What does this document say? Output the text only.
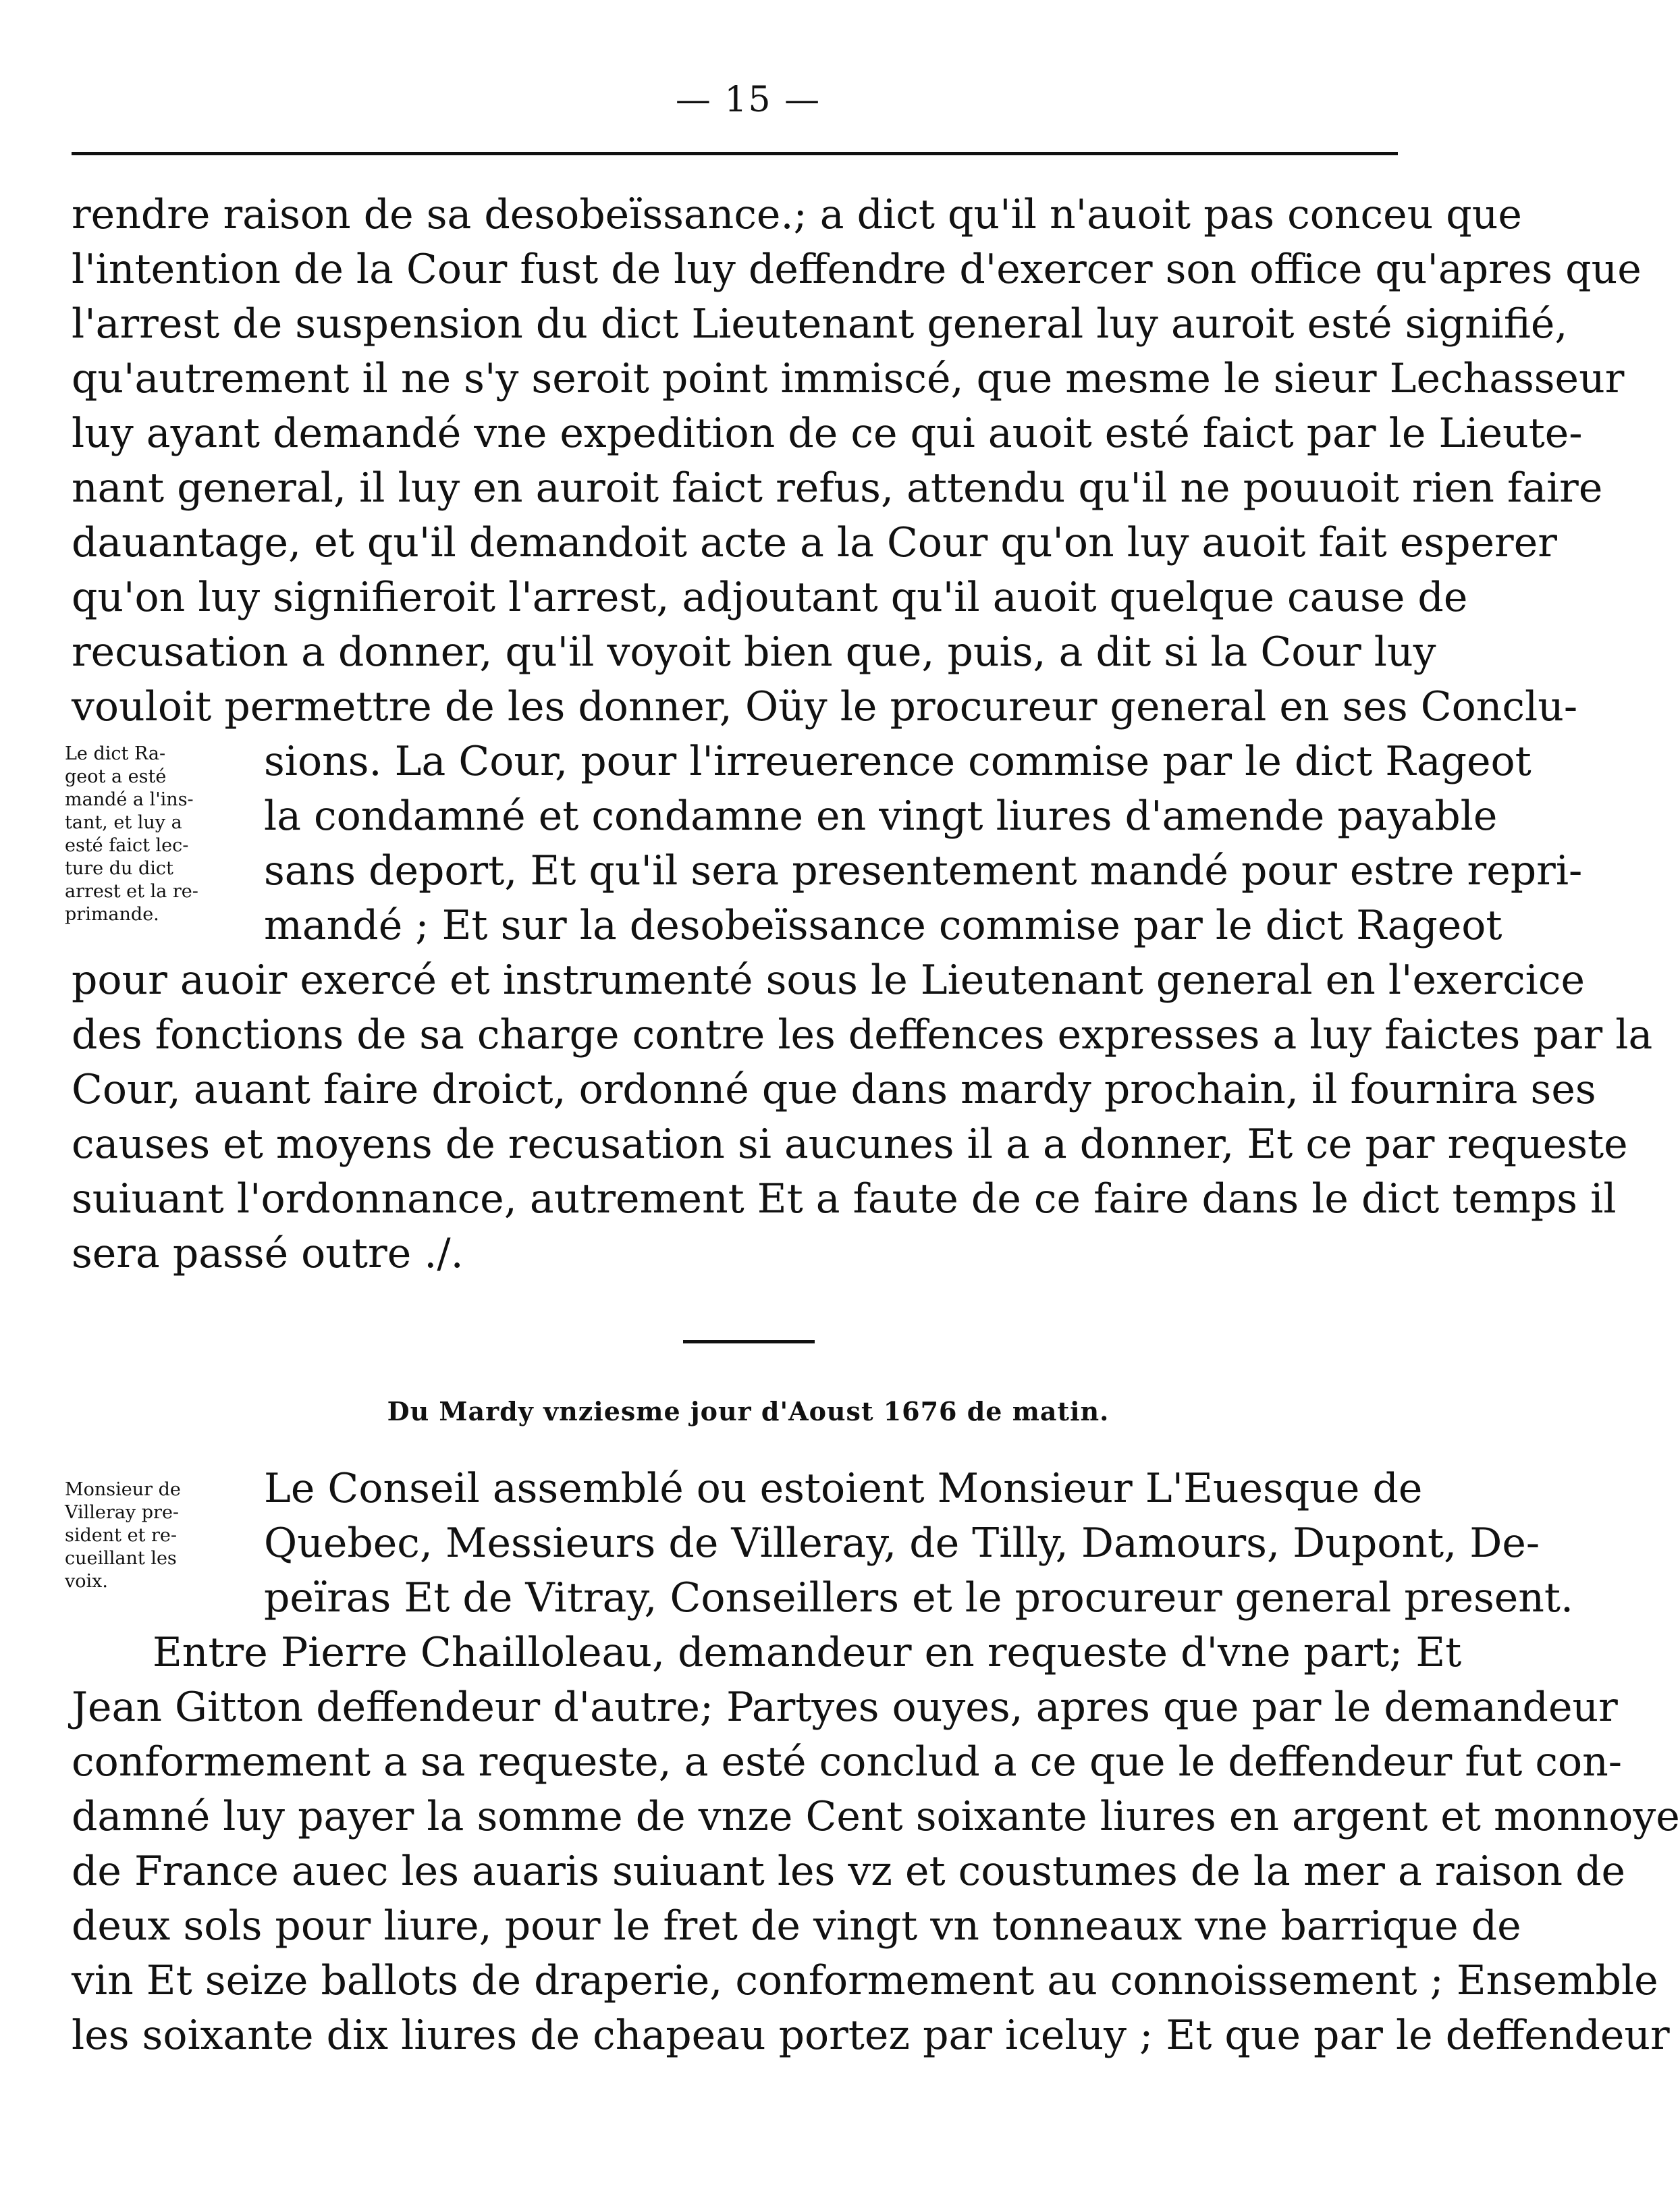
— 15 —
rendre raison de sa desobeïssance.; a dict qu'il n'auoit pas conceu que
l'intention de la Cour fust de luy deffendre d'exercer son office qu'apres que
l'arrest de suspension du dict Lieutenant general luy auroit esté signifié,
qu'autrement il ne s'y seroit point immiscé, que mesme le sieur Lechasseur
luy ayant demandé vne expedition de ce qui auoit esté faict par le Lieute-
nant general, il luy en auroit faict refus, attendu qu'il ne pouuoit rien faire
dauantage, et qu'il demandoit acte a la Cour qu'on luy auoit fait esperer
qu'on luy signifieroit l'arrest, adjoutant qu'il auoit quelque cause de
recusation a donner, qu'il voyoit bien que, puis, a dit si la Cour luy
vouloit permettre de les donner, Oüy le procureur general en ses Conclu-
sions. La Cour, pour l'irreuerence commise par le dict Rageot
la condamné et condamne en vingt liures d'amende payable
sans deport, Et qu'il sera presentement mandé pour estre repri-
mandé ; Et sur la desobeïssance commise par le dict Rageot
pour auoir exercé et instrumenté sous le Lieutenant general en l'exercice
des fonctions de sa charge contre les deffences expresses a luy faictes par la
Cour, auant faire droict, ordonné que dans mardy prochain, il fournira ses
causes et moyens de recusation si aucunes il a a donner, Et ce par requeste
suiuant l'ordonnance, autrement Et a faute de ce faire dans le dict temps il
sera passé outre ./.
Le dict Ra-
geot a esté
mandé a l'ins-
tant, et luy a
esté faict lec-
ture du dict
arrest et la re-
primande.
Du Mardy vnziesme jour d'Aoust 1676 de matin.
Monsieur de
Villeray pre-
sident et re-
cueillant les
voix.
Le Conseil assemblé ou estoient Monsieur L'Euesque de
Quebec, Messieurs de Villeray, de Tilly, Damours, Dupont, De-
peïras Et de Vitray, Conseillers et le procureur general present.
Entre Pierre Chailloleau, demandeur en requeste d'vne part; Et
Jean Gitton deffendeur d'autre; Partyes ouyes, apres que par le demandeur
conformement a sa requeste, a esté conclud a ce que le deffendeur fut con-
damné luy payer la somme de vnze Cent soixante liures en argent et monnoye
de France auec les auaris suiuant les vz et coustumes de la mer a raison de
deux sols pour liure, pour le fret de vingt vn tonneaux vne barrique de
vin Et seize ballots de draperie, conformement au connoissement ; Ensemble
les soixante dix liures de chapeau portez par iceluy ; Et que par le deffendeur
